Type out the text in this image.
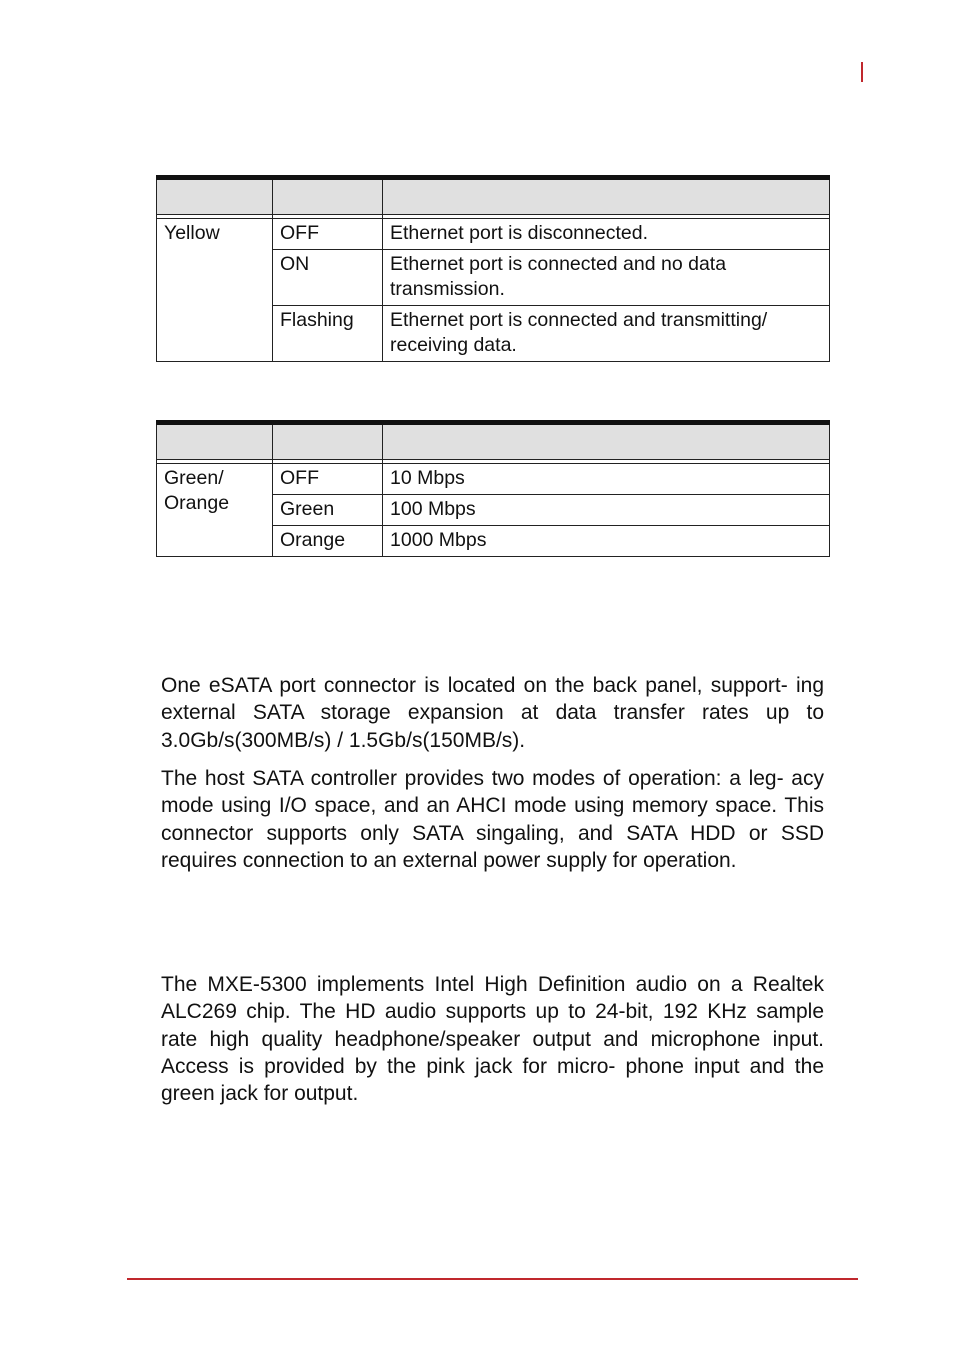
Yellow	OFF	Ethernet port is disconnected.
	ON	Ethernet port is connected and no data
transmission.
	Flashing	Ethernet port is connected and transmitting/
receiving data.

Green/
Orange	OFF	10 Mbps
	Green	100 Mbps
	Orange	1000 Mbps

One eSATA port connector is located on the back panel, support- ing external SATA storage expansion at data transfer rates up to 3.0Gb/s(300MB/s) / 1.5Gb/s(150MB/s).

The host SATA controller provides two modes of operation: a leg- acy mode using I/O space, and an AHCI mode using memory space. This connector supports only SATA singaling, and SATA HDD or SSD requires connection to an external power supply for operation.

The MXE-5300 implements Intel High Definition audio on a Realtek ALC269 chip. The HD audio supports up to 24-bit, 192 KHz sample rate high quality headphone/speaker output and microphone input. Access is provided by the pink jack for micro- phone input and the green jack for output.
